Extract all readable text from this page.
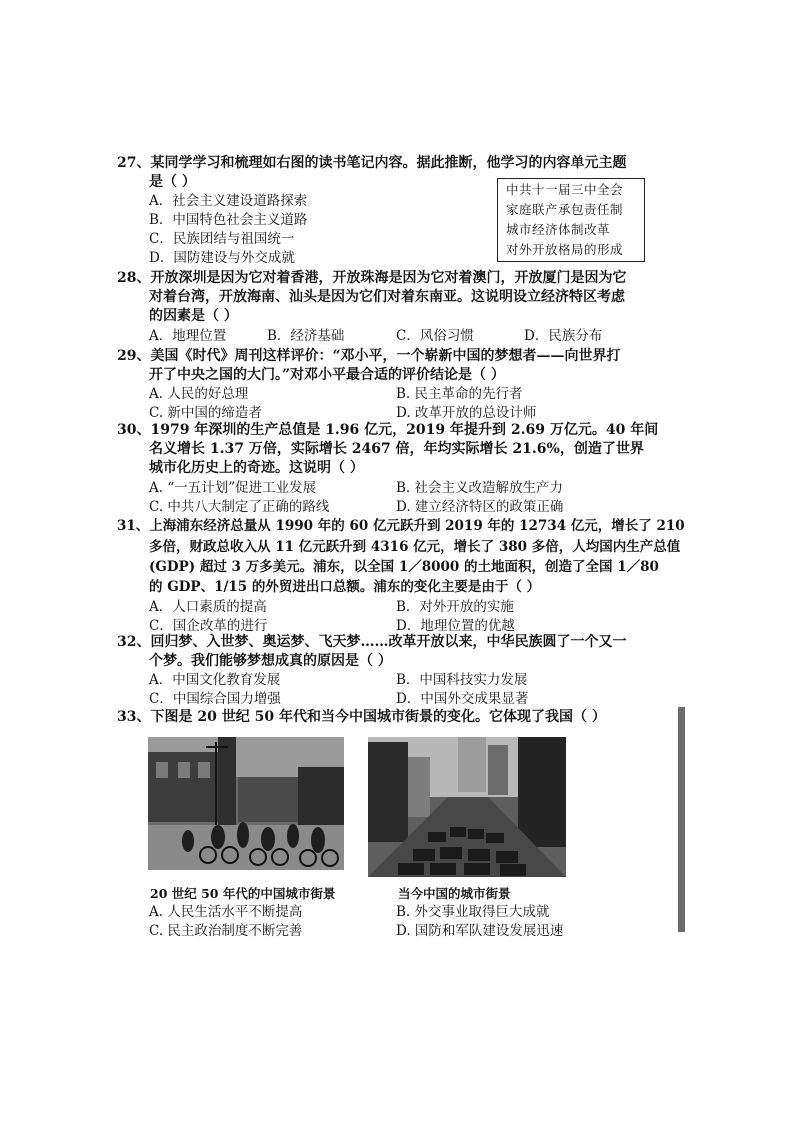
27、某同学学习和梳理如右图的读书笔记内容。据此推断，他学习的内容单元主题
是（ ）
A．社会主义建设道路探索
B．中国特色社会主义道路
C．民族团结与祖国统一
D．国防建设与外交成就
中共十一届三中全会
家庭联产承包责任制
城市经济体制改革
对外开放格局的形成
28、开放深圳是因为它对着香港，开放珠海是因为它对着澳门，开放厦门是因为它
对着台湾，开放海南、汕头是因为它们对着东南亚。这说明设立经济特区考虑
的因素是（ ）
A．地理位置	B．经济基础	C．风俗习惯	D．民族分布
29、美国《时代》周刊这样评价：“邓小平，一个崭新中国的梦想者——向世界打
开了中央之国的大门。”对邓小平最合适的评价结论是（ ）
A. 人民的好总理	B. 民主革命的先行者
C. 新中国的缔造者	D. 改革开放的总设计师
30、1979 年深圳的生产总值是 1.96 亿元，2019 年提升到 2.69 万亿元。40 年间
名义增长 1.37 万倍，实际增长 2467 倍，年均实际增长 21.6%，创造了世界
城市化历史上的奇迹。这说明（ ）
A. “一五计划”促进工业发展	B. 社会主义改造解放生产力
C. 中共八大制定了正确的路线	D. 建立经济特区的政策正确
31、上海浦东经济总量从 1990 年的 60 亿元跃升到 2019 年的 12734 亿元，增长了 210
多倍，财政总收入从 11 亿元跃升到 4316 亿元，增长了 380 多倍，人均国内生产总值
(GDP) 超过 3 万多美元。浦东，以全国 1／8000 的土地面积，创造了全国 1／80
的 GDP、1/15 的外贸进出口总额。浦东的变化主要是由于（ ）
A．人口素质的提高	B．对外开放的实施
C．国企改革的进行	D．地理位置的优越
32、回归梦、入世梦、奥运梦、飞天梦……改革开放以来，中华民族圆了一个又一
个梦。我们能够梦想成真的原因是（ ）
A．中国文化教育发展	B．中国科技实力发展
C．中国综合国力增强	D．中国外交成果显著
33、下图是 20 世纪 50 年代和当今中国城市街景的变化。它体现了我国（ ）
20 世纪 50 年代的中国城市街景	当今中国的城市街景
A. 人民生活水平不断提高	B. 外交事业取得巨大成就
C. 民主政治制度不断完善	D. 国防和军队建设发展迅速
